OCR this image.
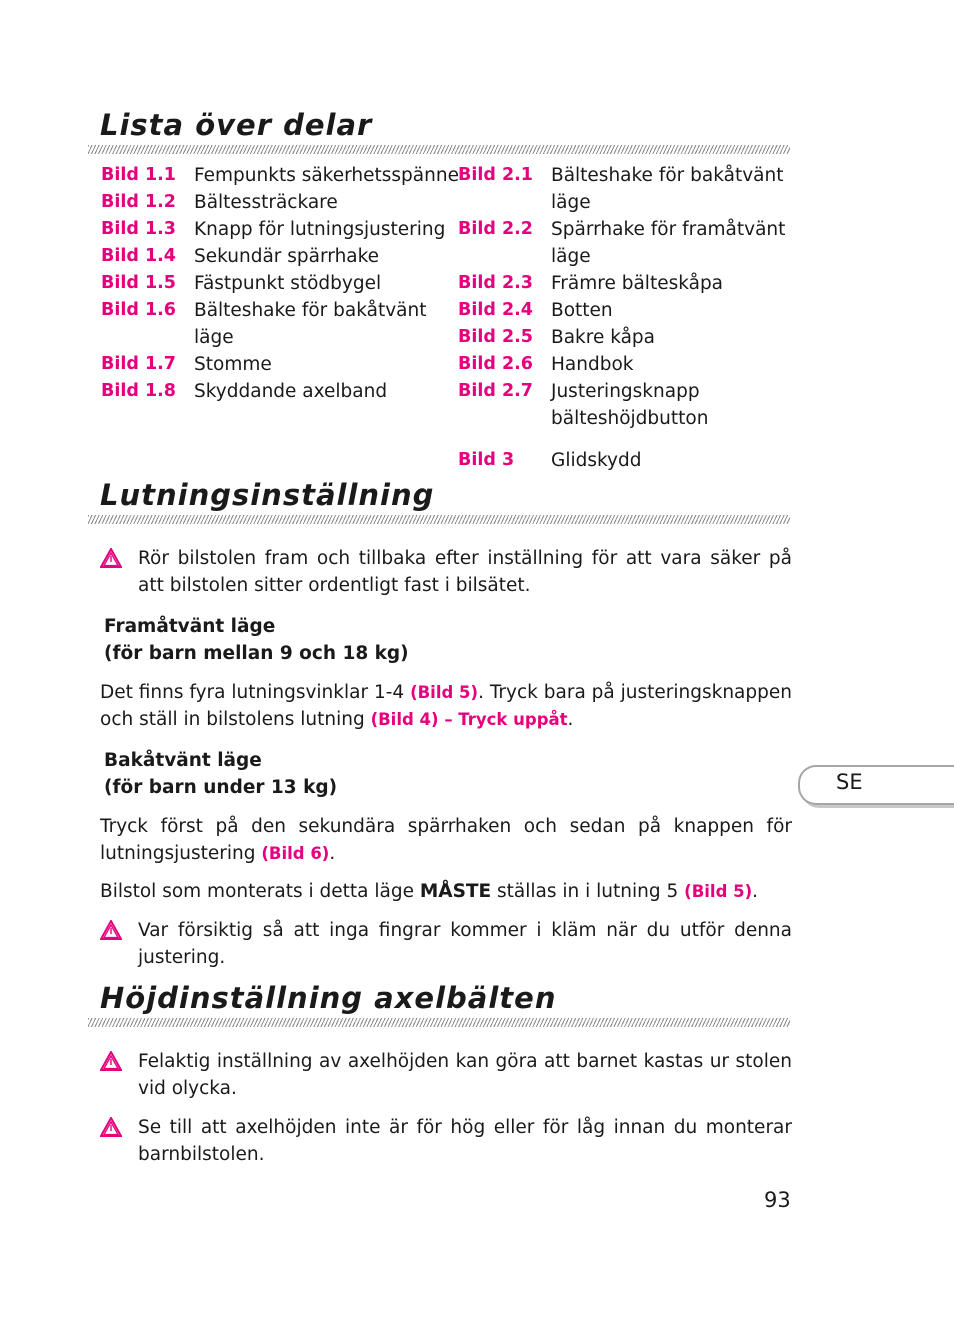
Lista över delar
Bild 1.1 Fempunkts säkerhetsspänne
Bild 1.2 Bältessträckare
Bild 1.3 Knapp för lutningsjustering
Bild 1.4 Sekundär spärrhake
Bild 1.5 Fästpunkt stödbygel
Bild 1.6 Bälteshake för bakåtvänt
läge
Bild 1.7 Stomme
Bild 1.8 Skyddande axelband
Bild 2.1 Bälteshake för bakåtvänt
läge
Bild 2.2 Spärrhake för framåtvänt
läge
Bild 2.3 Främre bälteskåpa
Bild 2.4 Botten
Bild 2.5 Bakre kåpa
Bild 2.6 Handbok
Bild 2.7 Justeringsknapp
bälteshöjdbutton
Bild 3 Glidskydd
Lutningsinställning
Rör bilstolen fram och tillbaka efter inställning för att vara säker på att bilstolen sitter ordentligt fast i bilsätet.
Framåtvänt läge
(för barn mellan 9 och 18 kg)
Det finns fyra lutningsvinklar 1-4 (Bild 5). Tryck bara på justeringsknappen och ställ in bilstolens lutning (Bild 4) – Tryck uppåt.
Bakåtvänt läge
(för barn under 13 kg)
Tryck först på den sekundära spärrhaken och sedan på knappen för lutningsjustering (Bild 6).
Bilstol som monterats i detta läge MÅSTE ställas in i lutning 5 (Bild 5).
Var försiktig så att inga fingrar kommer i kläm när du utför denna justering.
Höjdinställning axelbälten
Felaktig inställning av axelhöjden kan göra att barnet kastas ur stolen vid olycka.
Se till att axelhöjden inte är för hög eller för låg innan du monterar barnbilstolen.
SE
93
